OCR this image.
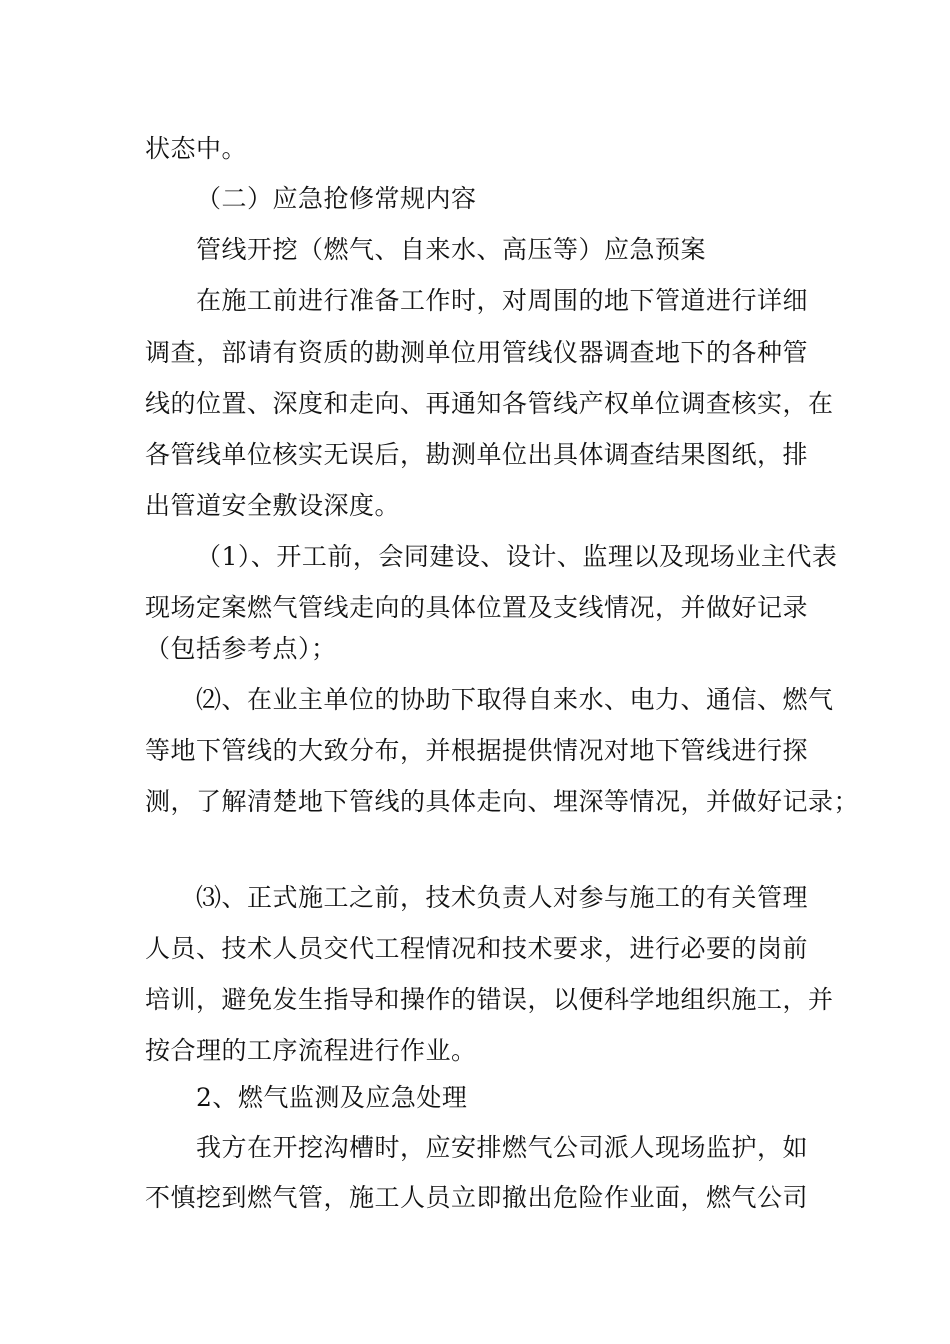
状态中。
（二）应急抢修常规内容
管线开挖（燃气、自来水、高压等）应急预案
在施工前进行准备工作时，对周围的地下管道进行详细
调查，部请有资质的勘测单位用管线仪器调查地下的各种管
线的位置、深度和走向、再通知各管线产权单位调查核实，在
各管线单位核实无误后，勘测单位出具体调查结果图纸，排
出管道安全敷设深度。
（1）、开工前，会同建设、设计、监理以及现场业主代表
现场定案燃气管线走向的具体位置及支线情况，并做好记录
（包括参考点）；
⑵、在业主单位的协助下取得自来水、电力、通信、燃气
等地下管线的大致分布，并根据提供情况对地下管线进行探
测，了解清楚地下管线的具体走向、埋深等情况，并做好记录；
⑶、正式施工之前，技术负责人对参与施工的有关管理
人员、技术人员交代工程情况和技术要求，进行必要的岗前
培训，避免发生指导和操作的错误，以便科学地组织施工，并
按合理的工序流程进行作业。
2、燃气监测及应急处理
我方在开挖沟槽时，应安排燃气公司派人现场监护，如
不慎挖到燃气管，施工人员立即撤出危险作业面，燃气公司
